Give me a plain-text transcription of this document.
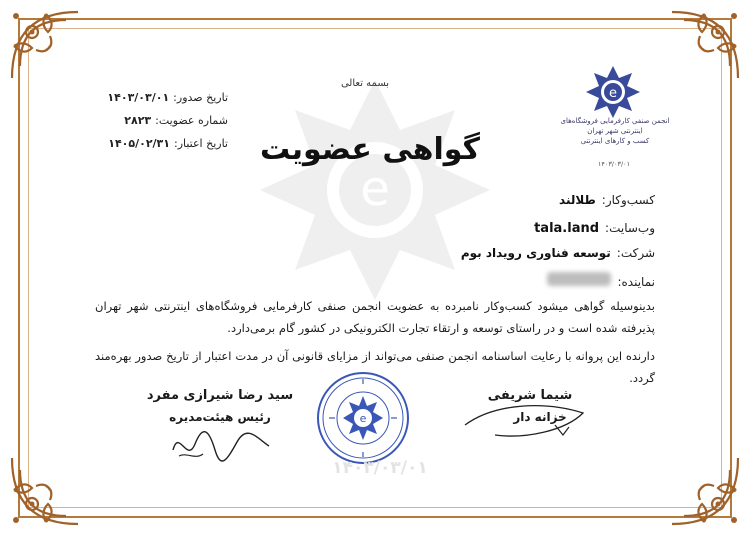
e
بسمه تعالی
گواهی عضویت
تاریخ صدور:
۱۴۰۳/۰۳/۰۱
شماره عضویت:
۲۸۲۳
تاریخ اعتبار:
۱۴۰۵/۰۲/۳۱
e
انجمن صنفی کارفرمایی فروشگاه‌های اینترنتی شهر تهران
کسب و کارهای اینترنتی
۱۴۰۳/۰۳/۰۱
کسب‌وکار:
طلالند
وب‌سایت:
tala.land
شرکت:
توسعه فناوری رویداد بوم
نماینده:
بدینوسیله گواهی میشود کسب‌وکار نامبرده به عضویت انجمن صنفی کارفرمایی فروشگاه‌های اینترنتی شهر تهران پذیرفته شده است و در راستای توسعه و ارتقاء تجارت الکترونیکی در کشور گام برمی‌دارد.
دارنده این پروانه با رعایت اساسنامه انجمن صنفی می‌تواند از مزایای قانونی آن در مدت اعتبار از تاریخ صدور بهره‌مند گردد.
سید رضا شیرازی مفرد
رئیس هیئت‌مدیره
شیما شریفی
خزانه دار
e
۱۴۰۳/۰۳/۰۱
